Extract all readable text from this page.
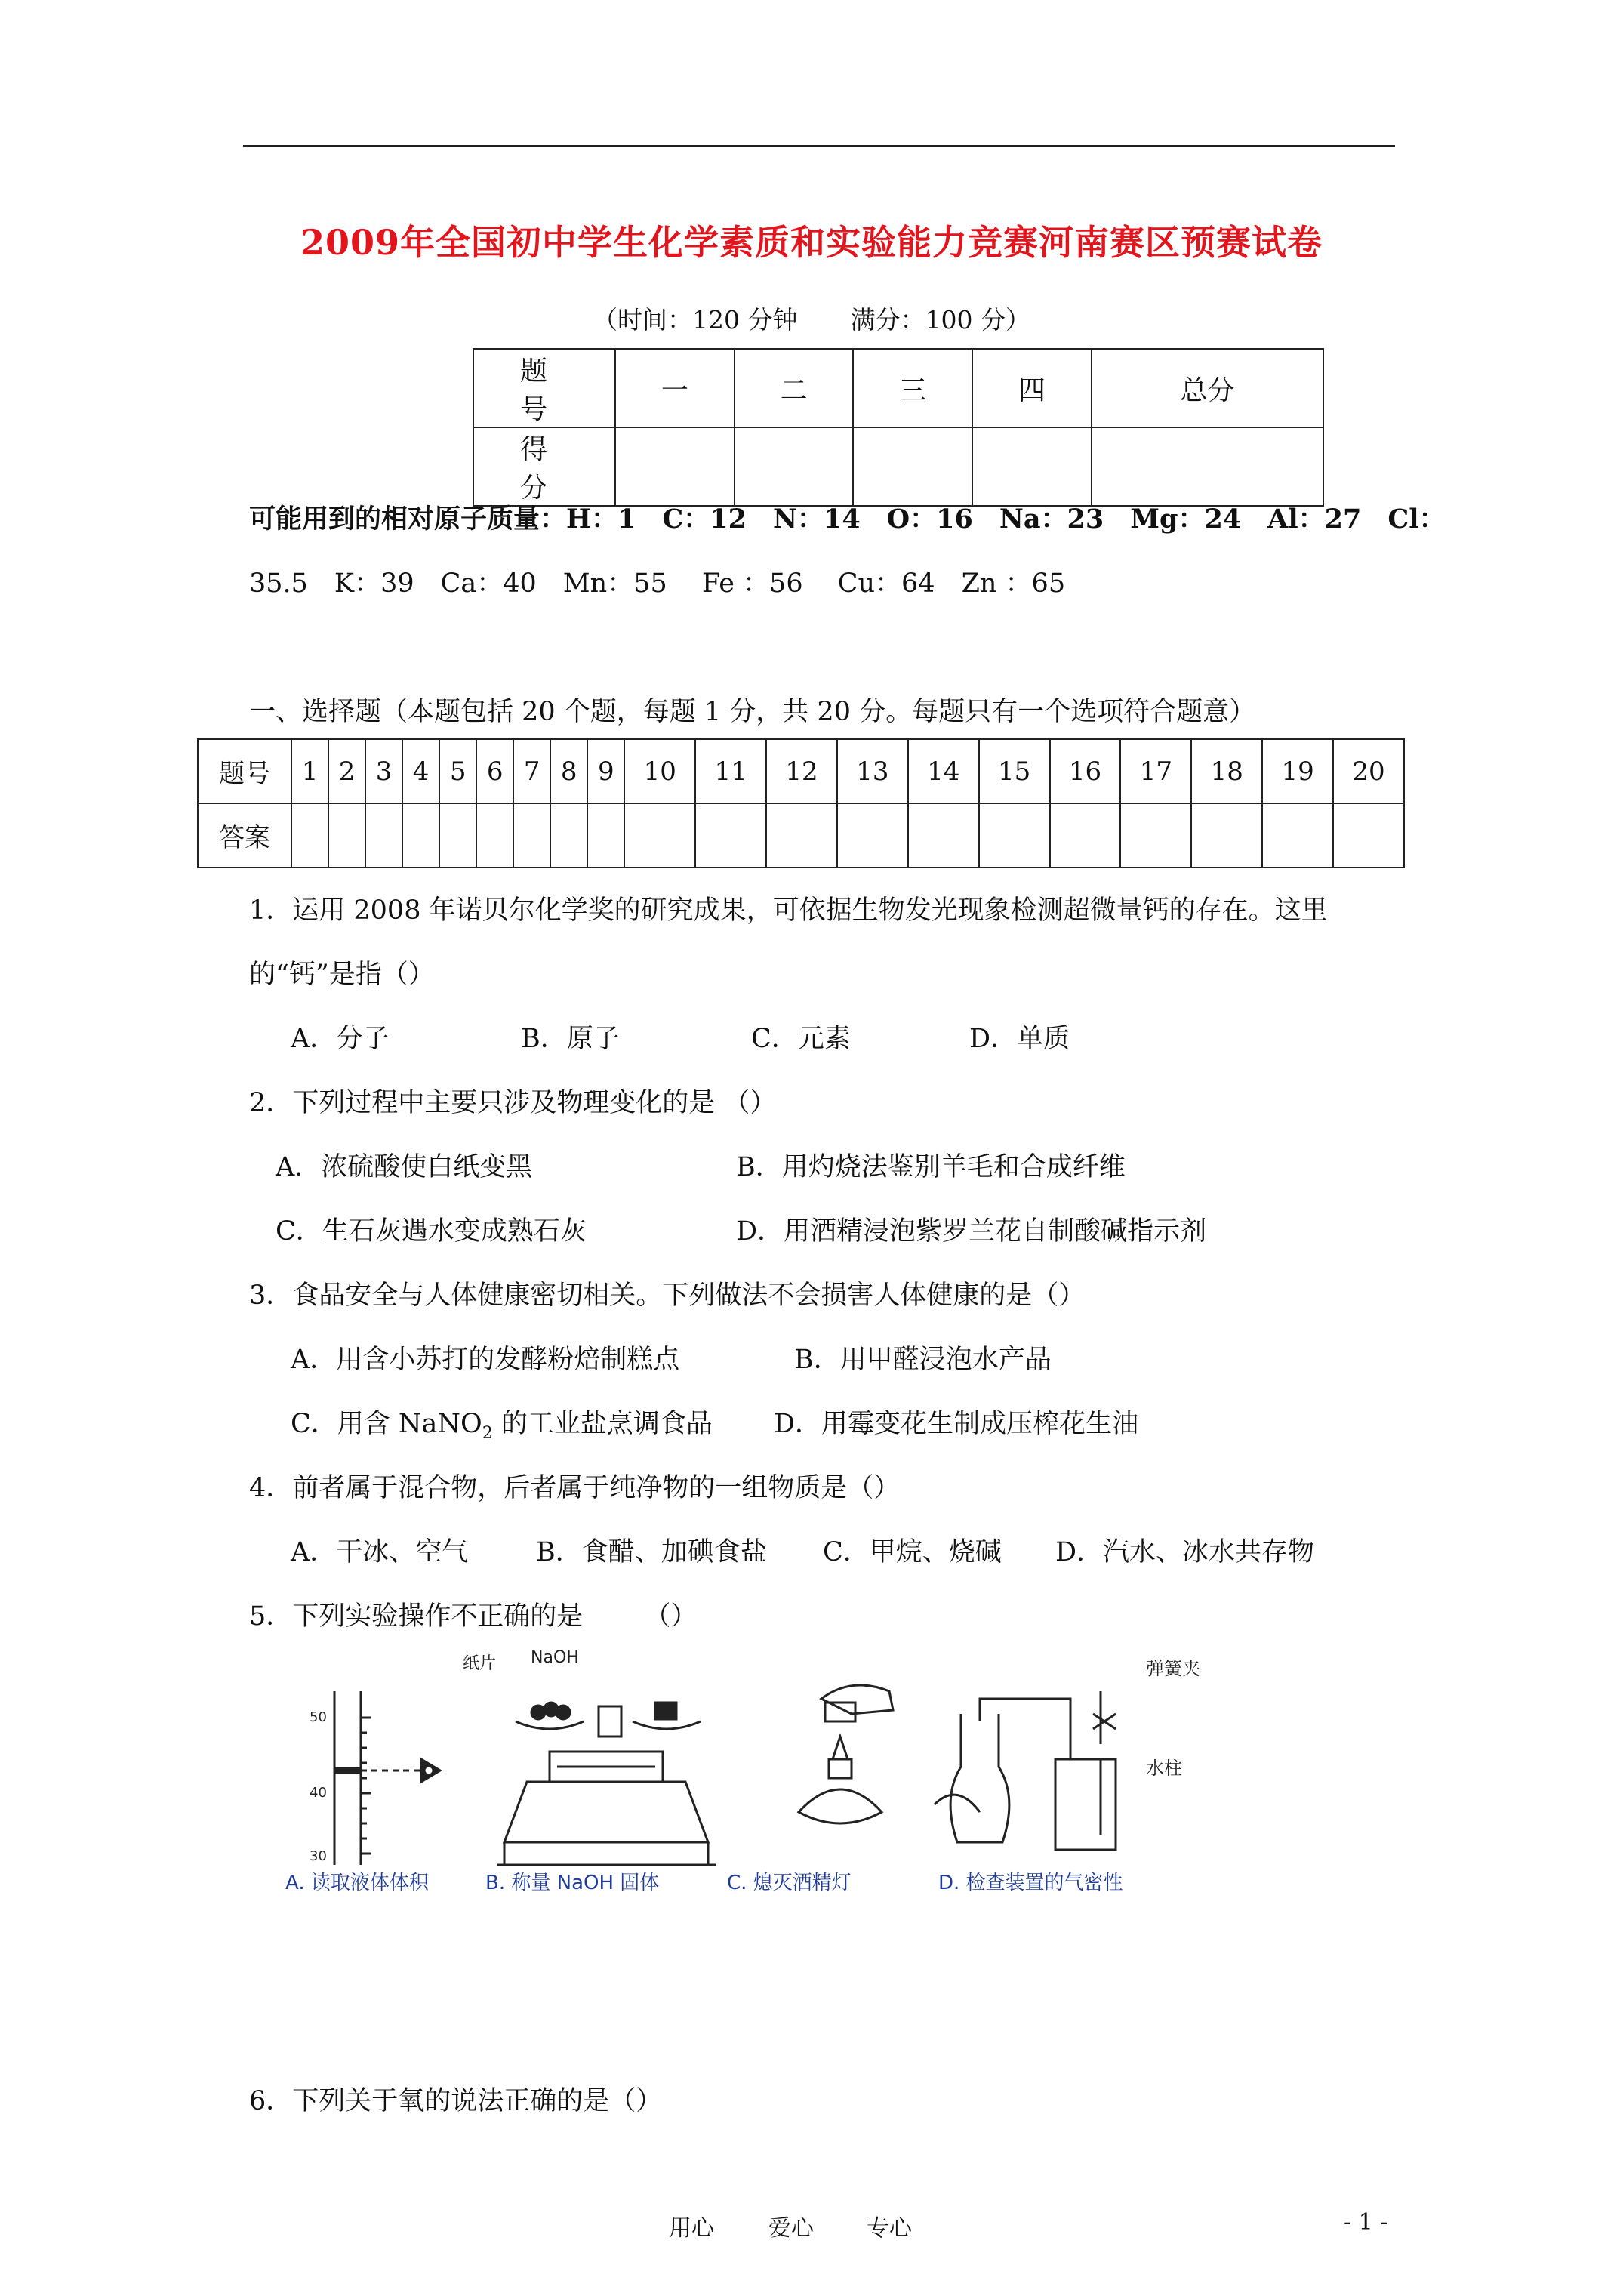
2009年全国初中学生化学素质和实验能力竞赛河南赛区预赛试卷
（时间：120 分钟 满分：100 分）
题　号	一	二	三	四	总分
得　分					
可能用到的相对原子质量：H：1　C：12　N：14　O：16　Na：23　Mg：24　Al：27　Cl：
35.5　K：39　Ca：40　Mn：55　 Fe ：56　 Cu：64　Zn ：65
一、选择题（本题包括 20 个题，每题 1 分，共 20 分。每题只有一个选项符合题意）
题号	1	2	3	4	5	6	7	8	9	10	11	12	13	14	15	16	17	18	19	20
答案																				
1．运用 2008 年诺贝尔化学奖的研究成果，可依据生物发光现象检测超微量钙的存在。这里
的“钙”是指（）
A．分子	B．原子	C．元素	D．单质
2．下列过程中主要只涉及物理变化的是 （）
A．浓硫酸使白纸变黑	B．用灼烧法鉴别羊毛和合成纤维
C．生石灰遇水变成熟石灰	D．用酒精浸泡紫罗兰花自制酸碱指示剂
3．食品安全与人体健康密切相关。下列做法不会损害人体健康的是（）
A．用含小苏打的发酵粉焙制糕点	B．用甲醛浸泡水产品
C．用含 NaNO$_2$ 的工业盐烹调食品 D．用霉变花生制成压榨花生油
4．前者属于混合物，后者属于纯净物的一组物质是（）
A．干冰、空气	B．食醋、加碘食盐 C．甲烷、烧碱 D．汽水、冰水共存物
5．下列实验操作不正确的是　　 （）
50
40
30
纸片 NaOH
弹簧夹
水柱
A. 读取液体体积	B. 称量 NaOH 固体	C. 熄灭酒精灯	D. 检查装置的气密性
6．下列关于氧的说法正确的是（）
用心 爱心 专心	- 1 -
